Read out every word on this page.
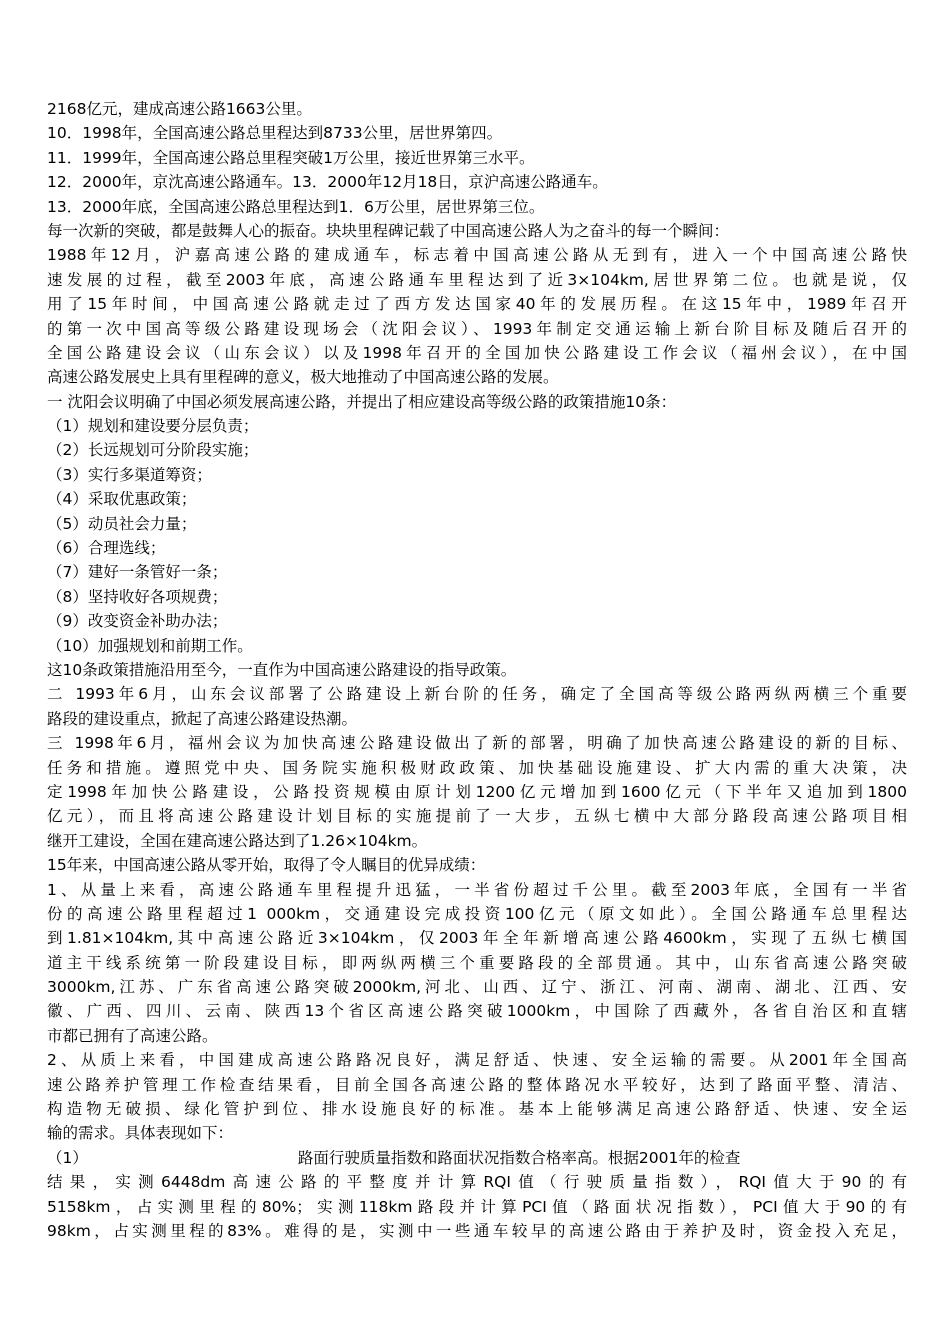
2168亿元，建成高速公路1663公里。
10．1998年，全国高速公路总里程达到8733公里，居世界第四。
11．1999年，全国高速公路总里程突破1万公里，接近世界第三水平。
12．2000年，京沈高速公路通车。13．2000年12月18日，京沪高速公路通车。
13．2000年底，全国高速公路总里程达到1．6万公里，居世界第三位。
每一次新的突破，都是鼓舞人心的振奋。块块里程碑记载了中国高速公路人为之奋斗的每一个瞬间：
1988年12月，沪嘉高速公路的建成通车，标志着中国高速公路从无到有，进入一个中国高速公路快
速发展的过程，截至2003年底，高速公路通车里程达到了近3×104km,居世界第二位。也就是说，仅
用了15年时间，中国高速公路就走过了西方发达国家40年的发展历程。在这15年中，1989年召开
的第一次中国高等级公路建设现场会（沈阳会议）、1993年制定交通运输上新台阶目标及随后召开的
全国公路建设会议（山东会议）以及1998年召开的全国加快公路建设工作会议（福州会议），在中国
高速公路发展史上具有里程碑的意义，极大地推动了中国高速公路的发展。
一 沈阳会议明确了中国必须发展高速公路，并提出了相应建设高等级公路的政策措施10条：
（1）规划和建设要分层负责；
（2）长远规划可分阶段实施；
（3）实行多渠道筹资；
（4）采取优惠政策；
（5）动员社会力量；
（6）合理选线；
（7）建好一条管好一条；
（8）坚持收好各项规费；
（9）改变资金补助办法；
（10）加强规划和前期工作。
这10条政策措施沿用至今，一直作为中国高速公路建设的指导政策。
二 1993年6月，山东会议部署了公路建设上新台阶的任务，确定了全国高等级公路两纵两横三个重要
路段的建设重点，掀起了高速公路建设热潮。
三 1998年6月，福州会议为加快高速公路建设做出了新的部署，明确了加快高速公路建设的新的目标、
任务和措施。遵照党中央、国务院实施积极财政政策、加快基础设施建设、扩大内需的重大决策，决
定1998年加快公路建设，公路投资规模由原计划1200亿元增加到1600亿元（下半年又追加到1800
亿元），而且将高速公路建设计划目标的实施提前了一大步，五纵七横中大部分路段高速公路项目相
继开工建设，全国在建高速公路达到了1.26×104km。
15年来，中国高速公路从零开始，取得了令人瞩目的优异成绩：
1、从量上来看，高速公路通车里程提升迅猛，一半省份超过千公里。截至2003年底，全国有一半省
份的高速公路里程超过1 000km，交通建设完成投资100亿元（原文如此）。全国公路通车总里程达
到1.81×104km,其中高速公路近3×104km，仅2003年全年新增高速公路4600km，实现了五纵七横国
道主干线系统第一阶段建设目标，即两纵两横三个重要路段的全部贯通。其中，山东省高速公路突破
3000km,江苏、广东省高速公路突破2000km,河北、山西、辽宁、浙江、河南、湖南、湖北、江西、安
徽、广西、四川、云南、陕西13个省区高速公路突破1000km，中国除了西藏外，各省自治区和直辖
市都已拥有了高速公路。
2、从质上来看，中国建成高速公路路况良好，满足舒适、快速、安全运输的需要。从2001年全国高
速公路养护管理工作检查结果看，目前全国各高速公路的整体路况水平较好，达到了路面平整、清洁、
构造物无破损、绿化管护到位、排水设施良好的标准。基本上能够满足高速公路舒适、快速、安全运
输的需求。具体表现如下：
（1）	路面行驶质量指数和路面状况指数合格率高。根据2001年的检查
结果，实测6448dm高速公路的平整度并计算RQI值（行驶质量指数），RQI值大于90的有
5158km，占实测里程的80%；实测118km路段并计算PCI值（路面状况指数），PCI值大于90的有
98km，占实测里程的83%。难得的是，实测中一些通车较早的高速公路由于养护及时，资金投入充足，
